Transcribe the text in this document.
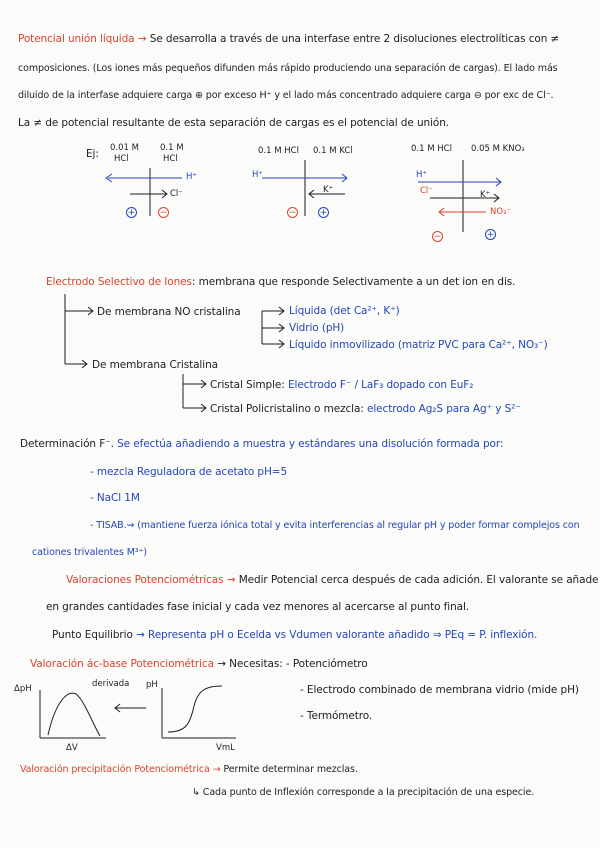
Potencial unión líquida → Se desarrolla a través de una interfase entre 2 disoluciones electrolíticas con ≠
composiciones. (Los iones más pequeños difunden más rápido produciendo una separación de cargas). El lado más
diluido de la interfase adquiere carga ⊕ por exceso H⁺ y el lado más concentrado adquiere carga ⊖ por exc de Cl⁻.
La ≠ de potencial resultante de esta separación de cargas es el potencial de unión.
Ej: 0.01 M
HCl
0.1 M
HCl
H⁺
Cl⁻
+	−
0.1 M HCl 0.1 M KCl
H⁺
K⁺
−	+
0.1 M HCl 0.05 M KNO₃
H⁺
Cl⁻	K⁺
NO₃⁻
−	+
Electrodo Selectivo de Iones: membrana que responde Selectivamente a un det ion en dis.
De membrana NO cristalina	Líquida (det Ca²⁺, K⁺)
Vidrio (pH)
Líquido inmovilizado (matriz PVC para Ca²⁺, NO₃⁻)
De membrana Cristalina
Cristal Simple: Electrodo F⁻ / LaF₃ dopado con EuF₂
Cristal Policristalino o mezcla: electrodo Ag₂S para Ag⁺ y S²⁻
Determinación F⁻. Se efectúa añadiendo a muestra y estándares una disolución formada por:
- mezcla Reguladora de acetato pH=5
- NaCl 1M
- TISAB.⇝ (mantiene fuerza iónica total y evita interferencias al regular pH y poder formar complejos con
cationes trivalentes M³⁺)
Valoraciones Potenciométricas → Medir Potencial cerca después de cada adición. El valorante se añade
en grandes cantidades fase inicial y cada vez menores al acercarse al punto final.
Punto Equilibrio → Representa pH o Ecelda vs Vdumen valorante añadido ⇒ PEq = P. inflexión.
Valoración ác-base Potenciométrica → Necesitas: - Potenciómetro
- Electrodo combinado de membrana vidrio (mide pH)
- Termómetro.
ΔpH
ΔV
derivada pH
VmL
Valoración precipitación Potenciométrica → Permite determinar mezclas.
↳ Cada punto de Inflexión corresponde a la precipitación de una especie.
